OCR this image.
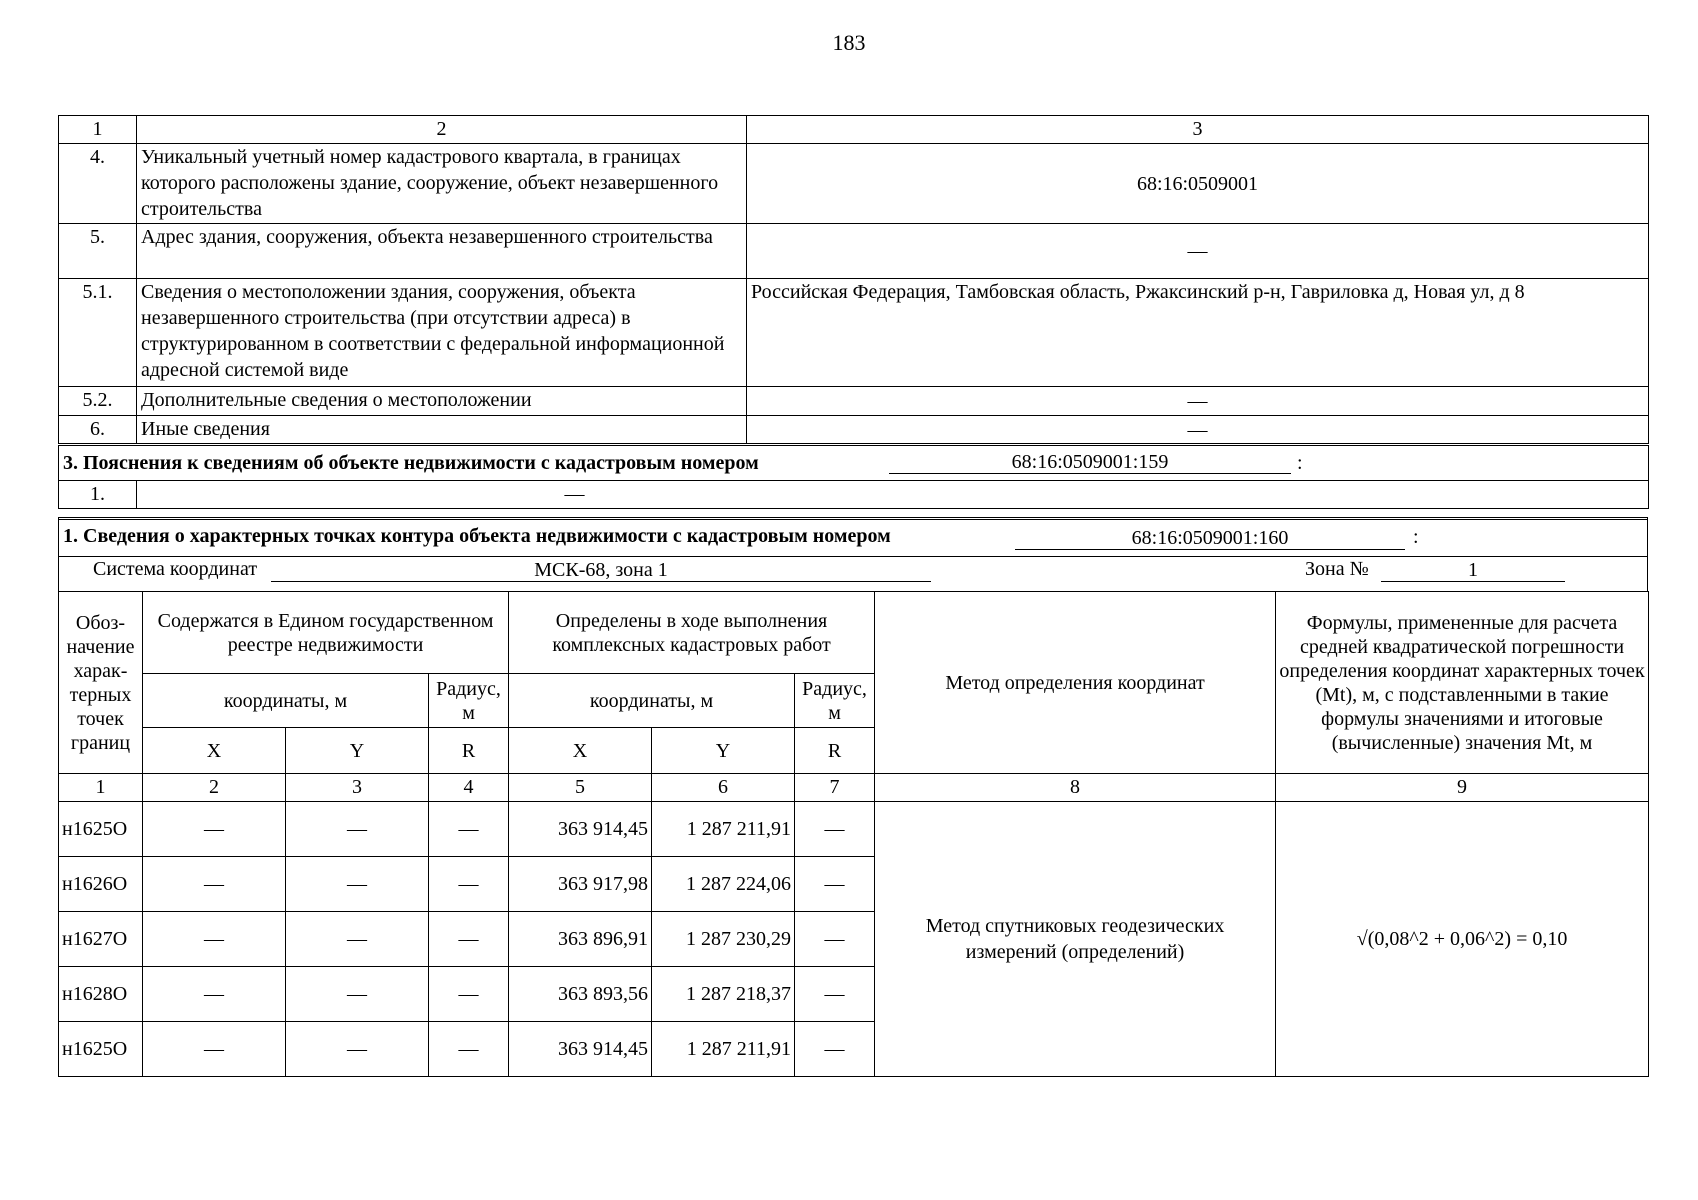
183
1	2	3
4.	Уникальный учетный номер кадастрового квартала, в границах которого расположены здание, сооружение, объект незавершенного строительства	68:16:0509001
5.	Адрес здания, сооружения, объекта незавершенного строительства	—
5.1.	Сведения о местоположении здания, сооружения, объекта незавершенного строительства (при отсутствии адреса) в структурированном в соответствии с федеральной информационной адресной системой виде	Российская Федерация, Тамбовская область, Ржаксинский р-н, Гавриловка д, Новая ул, д 8
5.2.	Дополнительные сведения о местоположении	—
6.	Иные сведения	—
3. Пояснения к сведениям об объекте недвижимости с кадастровым номером 68:16:0509001:159 :		

1.	—	
1. Сведения о характерных точках контура объекта недвижимости с кадастровым номером	68:16:0509001:160	:
Система координат	МСК-68, зона 1	Зона №	1
Обоз-начение харак-терных точек границ	Содержатся в Едином государственном реестре недвижимости			Определены в ходе выполнения комплексных кадастровых работ			Метод определения координат	Формулы, примененные для расчета средней квадратической погрешности определения координат характерных точек (Mt), м, с подставленными в такие формулы значениями и итоговые (вычисленные) значения Mt, м
	координаты, м		Радиус, м	координаты, м		Радиус, м		
	X	Y	R	X	Y	R		
1	2	3	4	5	6	7	8	9
н1625О	—	—	—	363 914,45	1 287 211,91	—	Метод спутниковых геодезических измерений (определений)	√(0,08^2 + 0,06^2) = 0,10
н1626О	—	—	—	363 917,98	1 287 224,06	—		
н1627О	—	—	—	363 896,91	1 287 230,29	—		
н1628О	—	—	—	363 893,56	1 287 218,37	—		
н1625О	—	—	—	363 914,45	1 287 211,91	—		
